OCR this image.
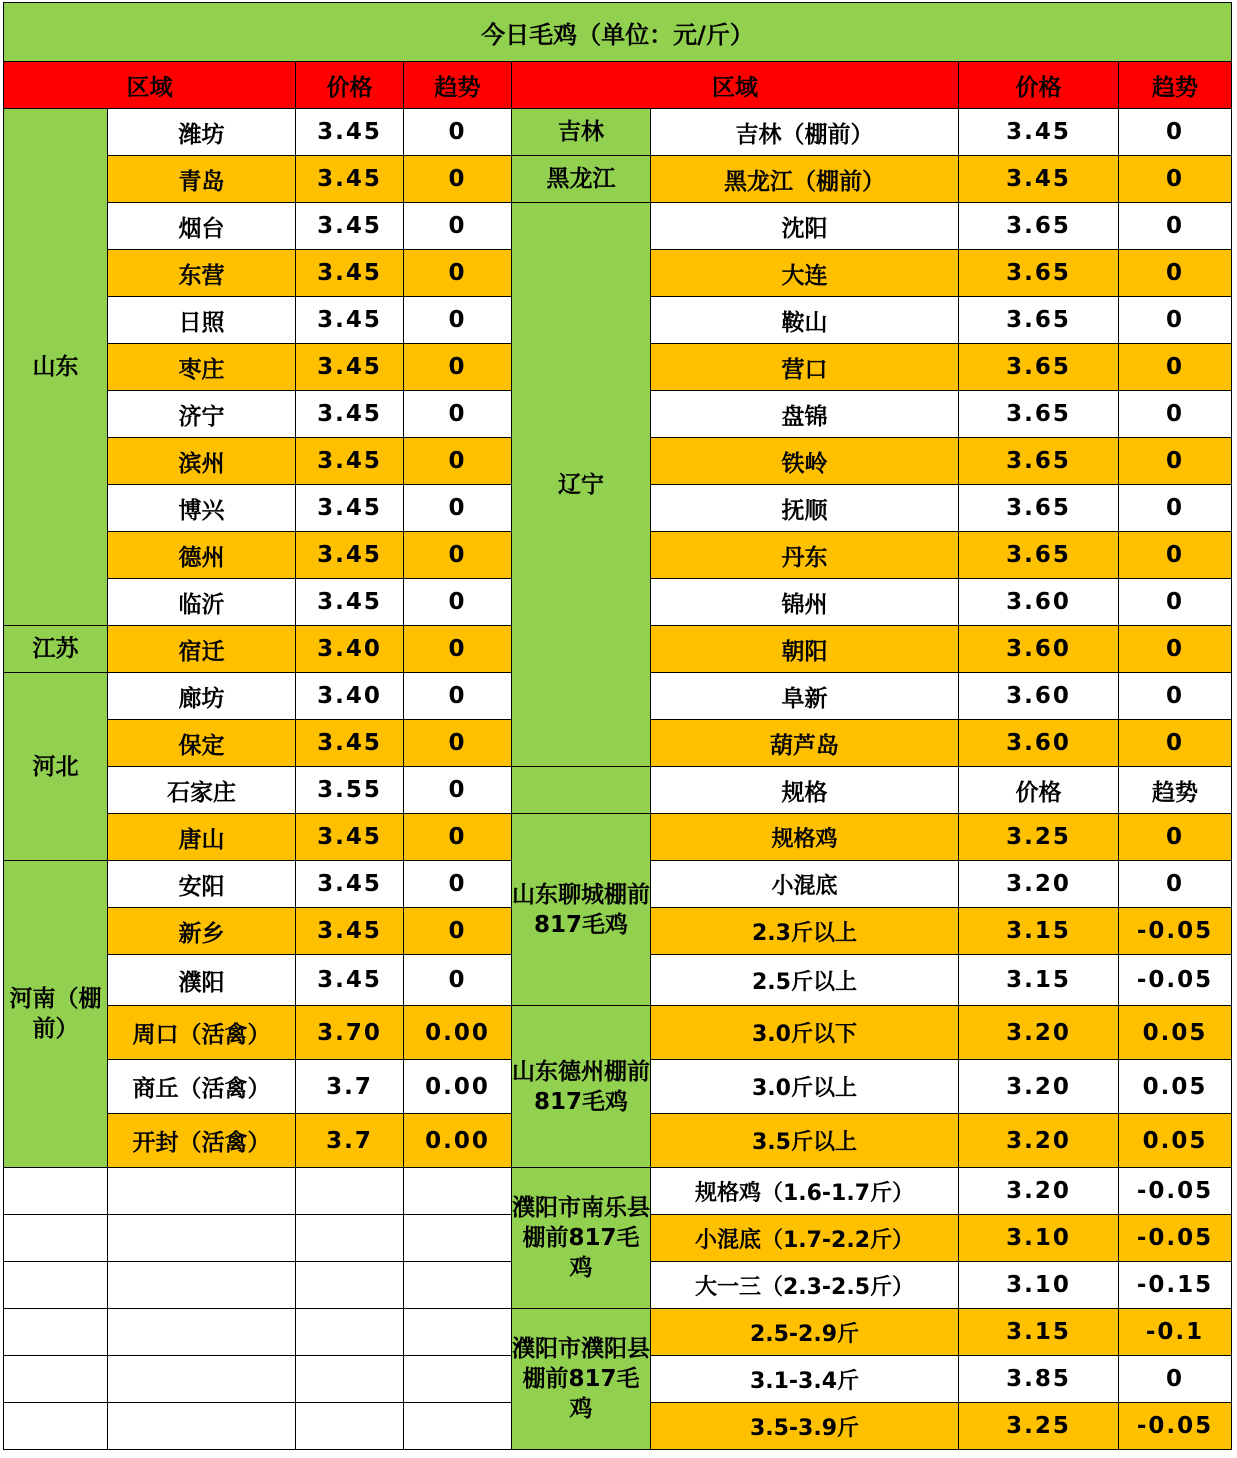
今日毛鸡（单位：元/斤）							
区域		价格	趋势	区域		价格	趋势
山东	潍坊	3.45	0	吉林	吉林（棚前）	3.45	0
	青岛	3.45	0	黑龙江	黑龙江（棚前）	3.45	0
	烟台	3.45	0	辽宁	沈阳	3.65	0
	东营	3.45	0		大连	3.65	0
	日照	3.45	0		鞍山	3.65	0
	枣庄	3.45	0		营口	3.65	0
	济宁	3.45	0		盘锦	3.65	0
	滨州	3.45	0		铁岭	3.65	0
	博兴	3.45	0		抚顺	3.65	0
	德州	3.45	0		丹东	3.65	0
	临沂	3.45	0		锦州	3.60	0
江苏	宿迁	3.40	0		朝阳	3.60	0
河北	廊坊	3.40	0		阜新	3.60	0
	保定	3.45	0		葫芦岛	3.60	0
	石家庄	3.55	0		规格	价格	趋势
	唐山	3.45	0	山东聊城棚前817毛鸡	规格鸡	3.25	0
河南（棚前）	安阳	3.45	0		小混底	3.20	0
	新乡	3.45	0		2.3斤以上	3.15	-0.05
	濮阳	3.45	0		2.5斤以上	3.15	-0.05
	周口（活禽）	3.70	0.00	山东德州棚前817毛鸡	3.0斤以下	3.20	0.05
	商丘（活禽）	3.7	0.00		3.0斤以上	3.20	0.05
	开封（活禽）	3.7	0.00		3.5斤以上	3.20	0.05
				濮阳市南乐县棚前817毛鸡	规格鸡（1.6-1.7斤）	3.20	-0.05
					小混底（1.7-2.2斤）	3.10	-0.05
					大一三（2.3-2.5斤）	3.10	-0.15
				濮阳市濮阳县棚前817毛鸡	2.5-2.9斤	3.15	-0.1
					3.1-3.4斤	3.85	0
					3.5-3.9斤	3.25	-0.05
